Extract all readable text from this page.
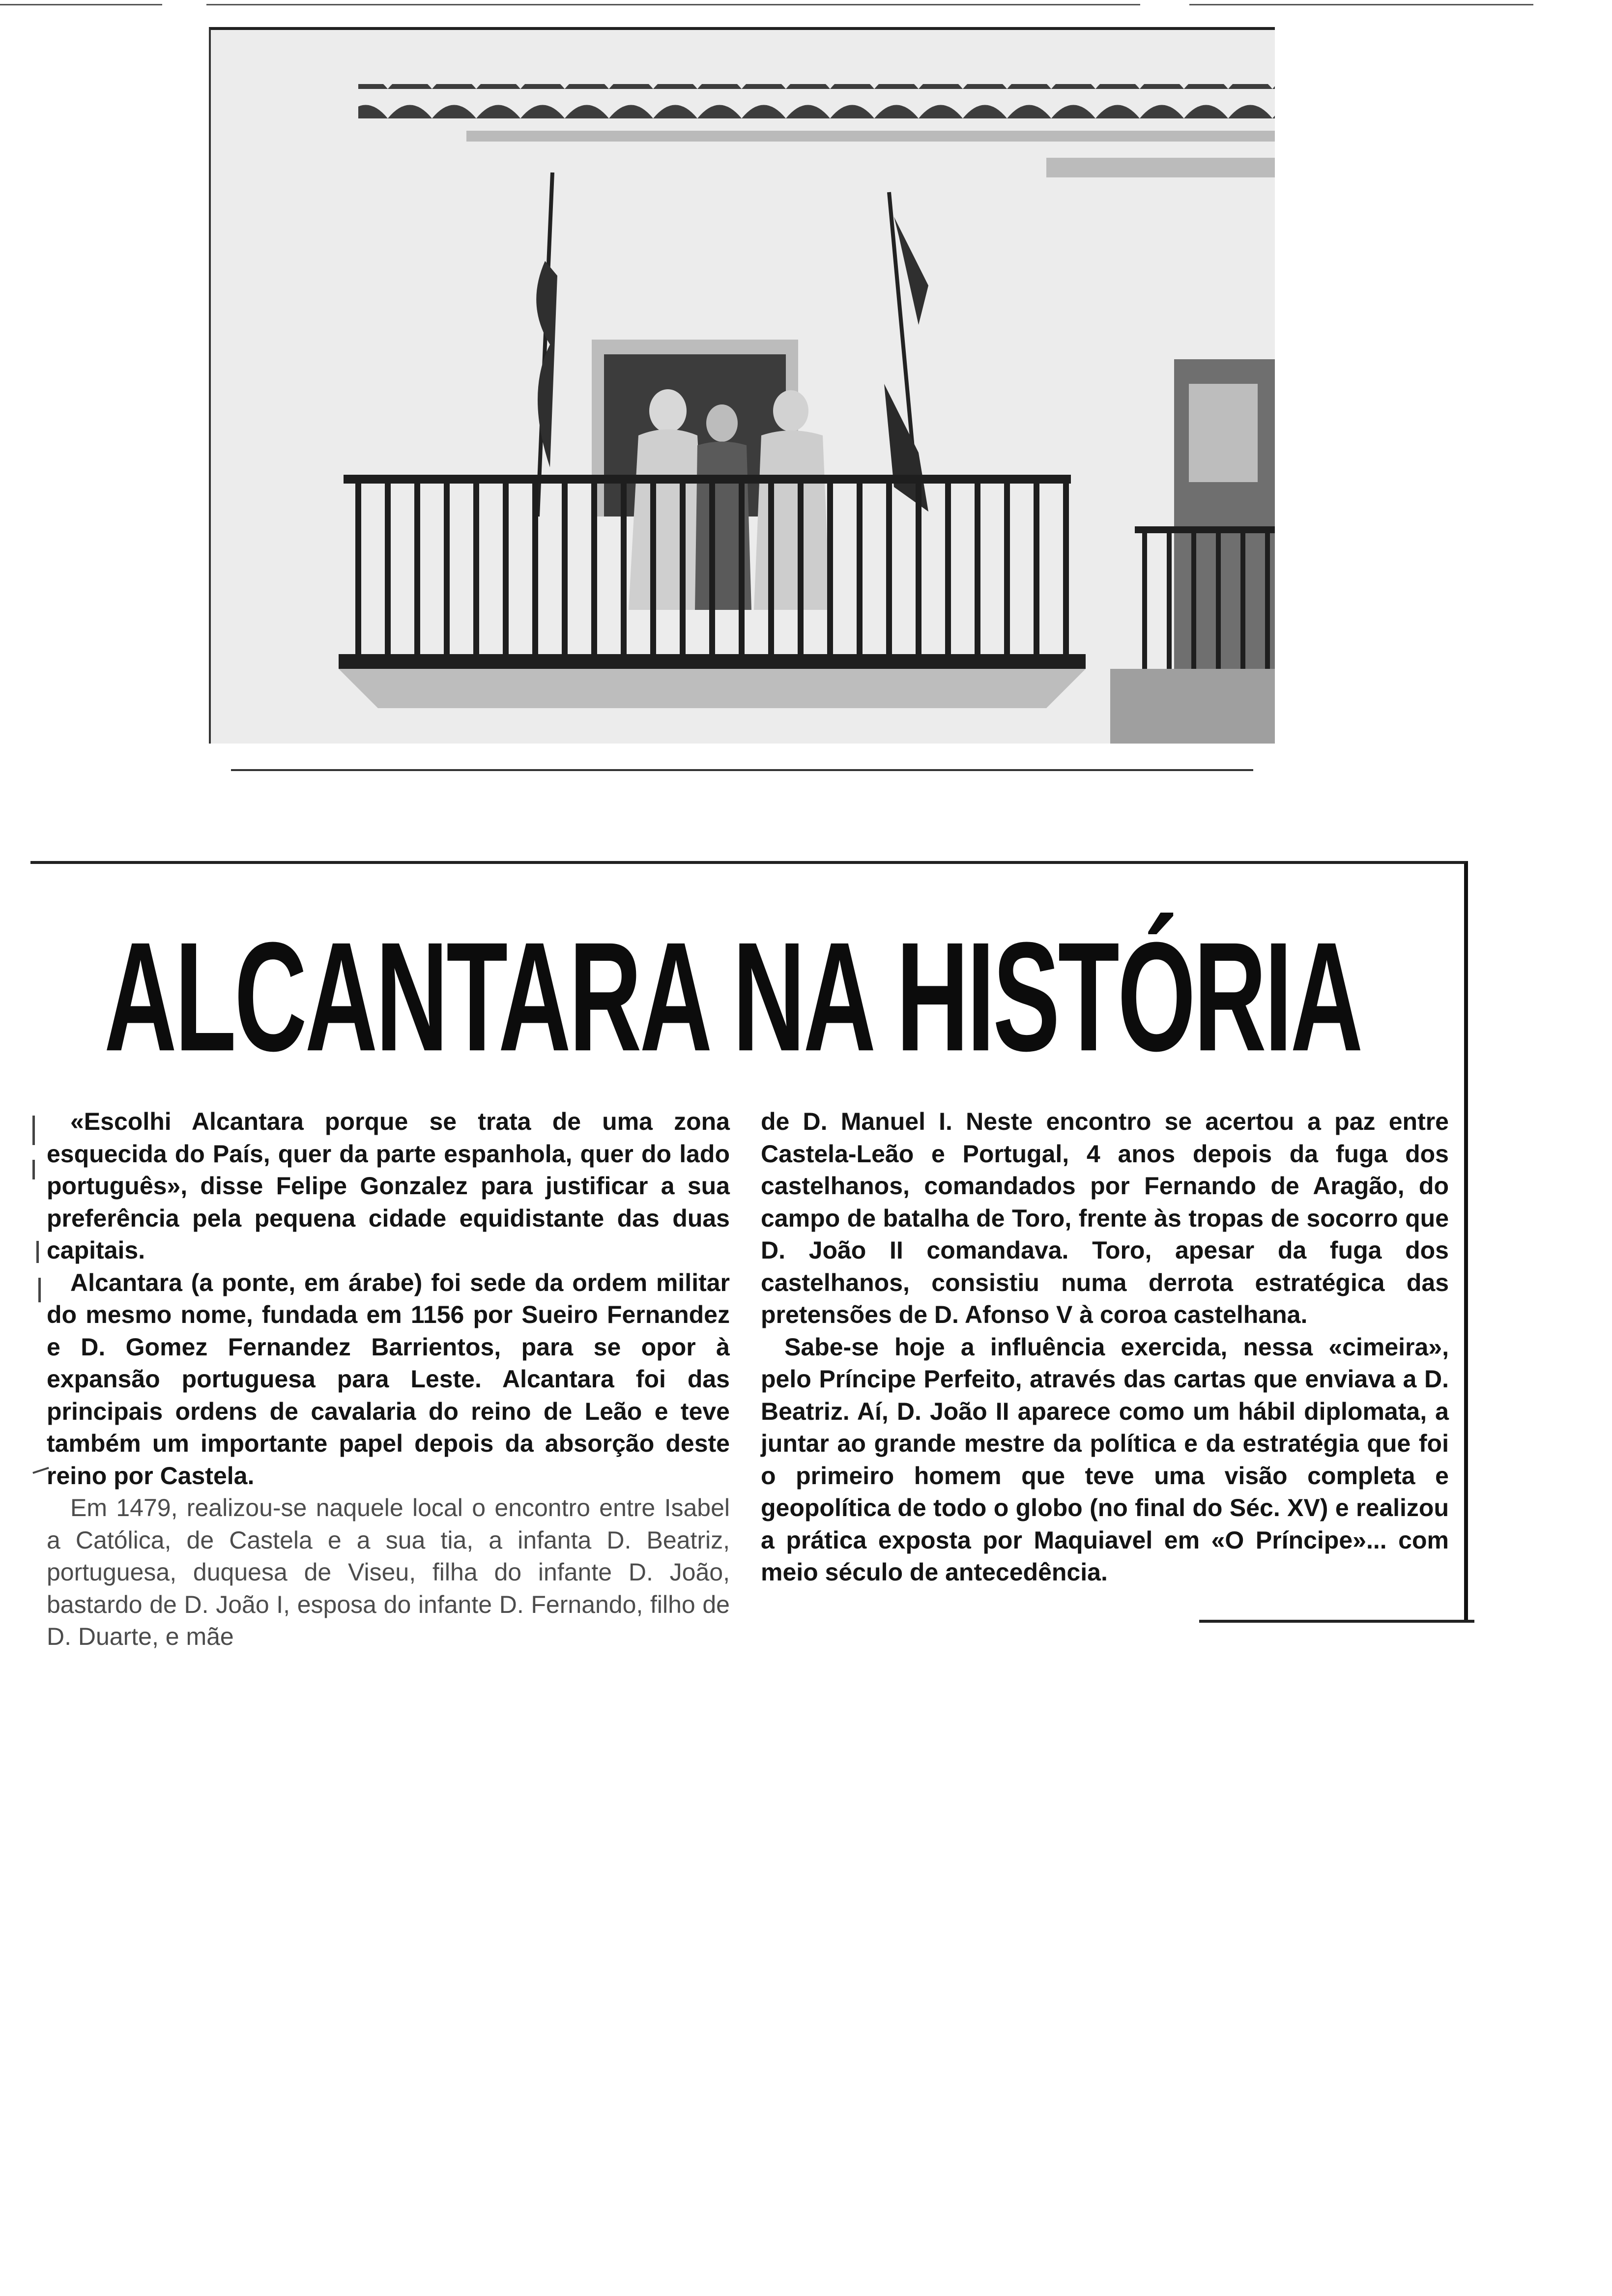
ALCANTARA NA HISTÓRIA

«Escolhi Alcantara porque se trata de uma zona esquecida do País, quer da parte espanhola, quer do lado português», disse Felipe Gonzalez para justificar a sua preferência pela pequena cidade equidistante das duas capitais.

Alcantara (a ponte, em árabe) foi sede da ordem militar do mesmo nome, fundada em 1156 por Sueiro Fernandez e D. Gomez Fernandez Barrientos, para se opor à expansão portuguesa para Leste. Alcantara foi das principais ordens de cavalaria do reino de Leão e teve também um importante papel depois da absorção deste reino por Castela.

Em 1479, realizou-se naquele local o encontro entre Isabel a Católica, de Castela e a sua tia, a infanta D. Beatriz, portuguesa, duquesa de Viseu, filha do infante D. João, bastardo de D. João I, esposa do infante D. Fernando, filho de D. Duarte, e mãe

de D. Manuel I. Neste encontro se acertou a paz entre Castela-Leão e Portugal, 4 anos depois da fuga dos castelhanos, comandados por Fernando de Aragão, do campo de batalha de Toro, frente às tropas de socorro que D. João II comandava. Toro, apesar da fuga dos castelhanos, consistiu numa derrota estratégica das pretensões de D. Afonso V à coroa castelhana.

Sabe-se hoje a influência exercida, nessa «cimeira», pelo Príncipe Perfeito, através das cartas que enviava a D. Beatriz. Aí, D. João II aparece como um hábil diplomata, a juntar ao grande mestre da política e da estratégia que foi o primeiro homem que teve uma visão completa e geopolítica de todo o globo (no final do Séc. XV) e realizou a prática exposta por Maquiavel em «O Príncipe»... com meio século de antecedência.
